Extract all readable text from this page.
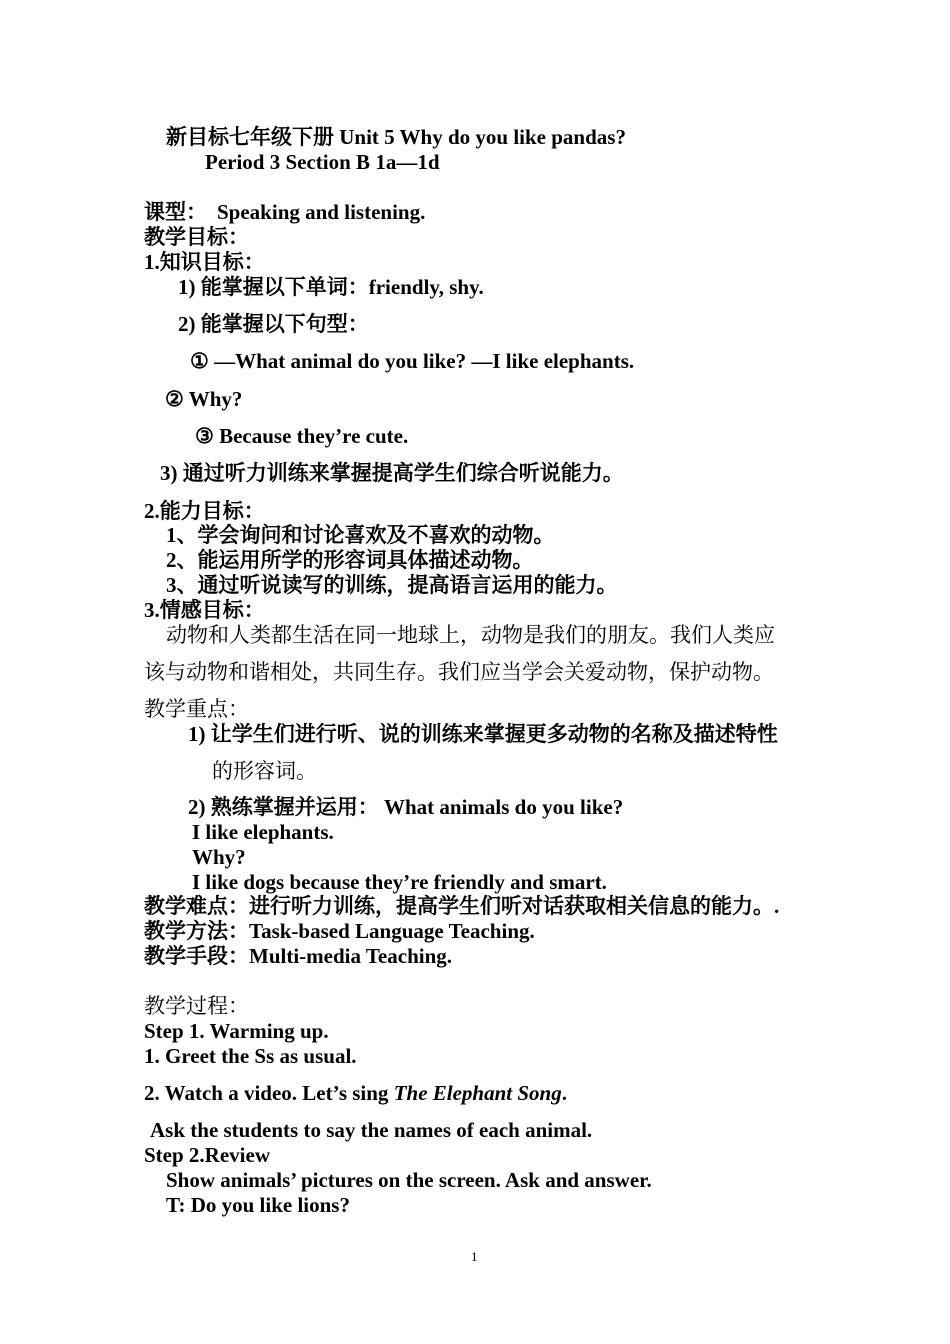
新目标七年级下册 Unit 5 Why do you like pandas?
Period 3 Section B 1a—1d
课型： Speaking and listening.
教学目标：
1.知识目标：
1) 能掌握以下单词：friendly, shy.
2) 能掌握以下句型：
① —What animal do you like? —I like elephants.
② Why?
③ Because they’re cute.
3) 通过听力训练来掌握提高学生们综合听说能力。
2.能力目标：
1、学会询问和讨论喜欢及不喜欢的动物。
2、能运用所学的形容词具体描述动物。
3、通过听说读写的训练，提高语言运用的能力。
3.情感目标：
动物和人类都生活在同一地球上，动物是我们的朋友。我们人类应
该与动物和谐相处，共同生存。我们应当学会关爱动物，保护动物。
教学重点：
1) 让学生们进行听、说的训练来掌握更多动物的名称及描述特性
的形容词。
2) 熟练掌握并运用： What animals do you like?
I like elephants.
Why?
I like dogs because they’re friendly and smart.
教学难点：进行听力训练，提高学生们听对话获取相关信息的能力。.
教学方法：Task-based Language Teaching.
教学手段：Multi-media Teaching.
教学过程：
Step 1. Warming up.
1. Greet the Ss as usual.
2. Watch a video. Let’s sing The Elephant Song.
Ask the students to say the names of each animal.
Step 2.Review
Show animals’ pictures on the screen. Ask and answer.
T: Do you like lions?
1
